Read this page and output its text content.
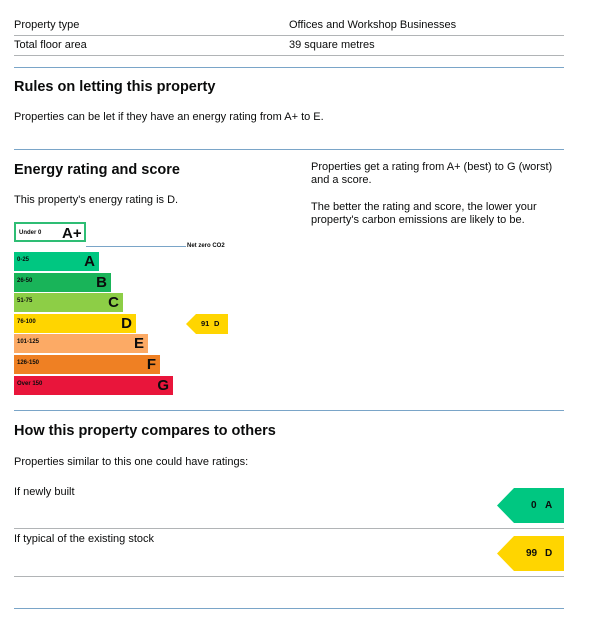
Property type	Offices and Workshop Businesses
Total floor area	39 square metres
Rules on letting this property

Properties can be let if they have an energy rating from A+ to E.

Energy rating and score

This property's energy rating is D.

Properties get a rating from A+ (best) to G (worst) and a score.

The better the rating and score, the lower your property's carbon emissions are likely to be.

Under 0 A+
Net zero CO2
0-25	A
26-50	B
51-75	C
76-100	D
101-125	E
126-150	F
Over 150	G
91 D
How this property compares to others

Properties similar to this one could have ratings:

If newly built

0 A

If typical of the existing stock

99 D
